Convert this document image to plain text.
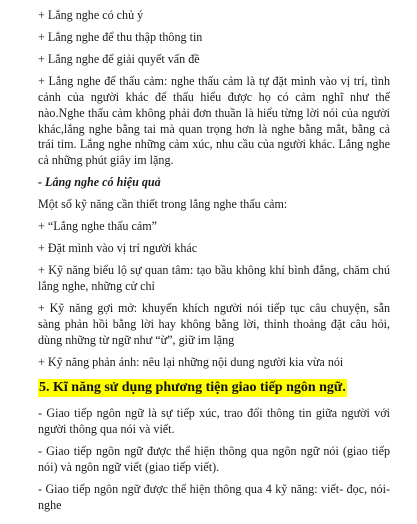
+ Lắng nghe có chủ ý

+ Lắng nghe để thu thập thông tin

+ Lắng nghe để giải quyết vấn đề

+ Lắng nghe để thấu cảm: nghe thấu cảm là tự đặt mình vào vị trí, tình cảnh của người khác để thấu hiểu được họ có cảm nghĩ như thế nào.Nghe thấu cảm không phải đơn thuần là hiểu từng lời nói của người khác,lắng nghe bằng tai mà quan trọng hơn là nghe bằng mắt, bằng cả trái tim. Lắng nghe những cảm xúc, nhu cầu của người khác. Lắng nghe cả những phút giây im lặng.

- Lắng nghe có hiệu quả

Một số kỹ năng cần thiết trong lắng nghe thấu cảm:

+ “Lắng nghe thấu cảm”

+ Đặt mình vào vị trí người khác

+ Kỹ năng biểu lộ sự quan tâm: tạo bầu không khí bình đẳng, chăm chú lắng nghe, những cử chỉ

+ Kỹ năng gợi mở: khuyến khích người nói tiếp tục câu chuyện, sẵn sàng phản hồi bằng lời hay không bằng lời, thỉnh thoảng đặt câu hỏi, dùng những từ ngữ như “ừ”, giữ im lặng

+ Kỹ năng phản ánh: nêu lại những nội dung người kia vừa nói

5. Kĩ năng sử dụng phương tiện giao tiếp ngôn ngữ.

- Giao tiếp ngôn ngữ là sự tiếp xúc, trao đổi thông tin giữa người với người thông qua nói và viết.

- Giao tiếp ngôn ngữ được thể hiện thông qua ngôn ngữ nói (giao tiếp nói) và ngôn ngữ viết (giao tiếp viết).

- Giao tiếp ngôn ngữ được thể hiện thông qua 4 kỹ năng: viết- đọc, nói-nghe
